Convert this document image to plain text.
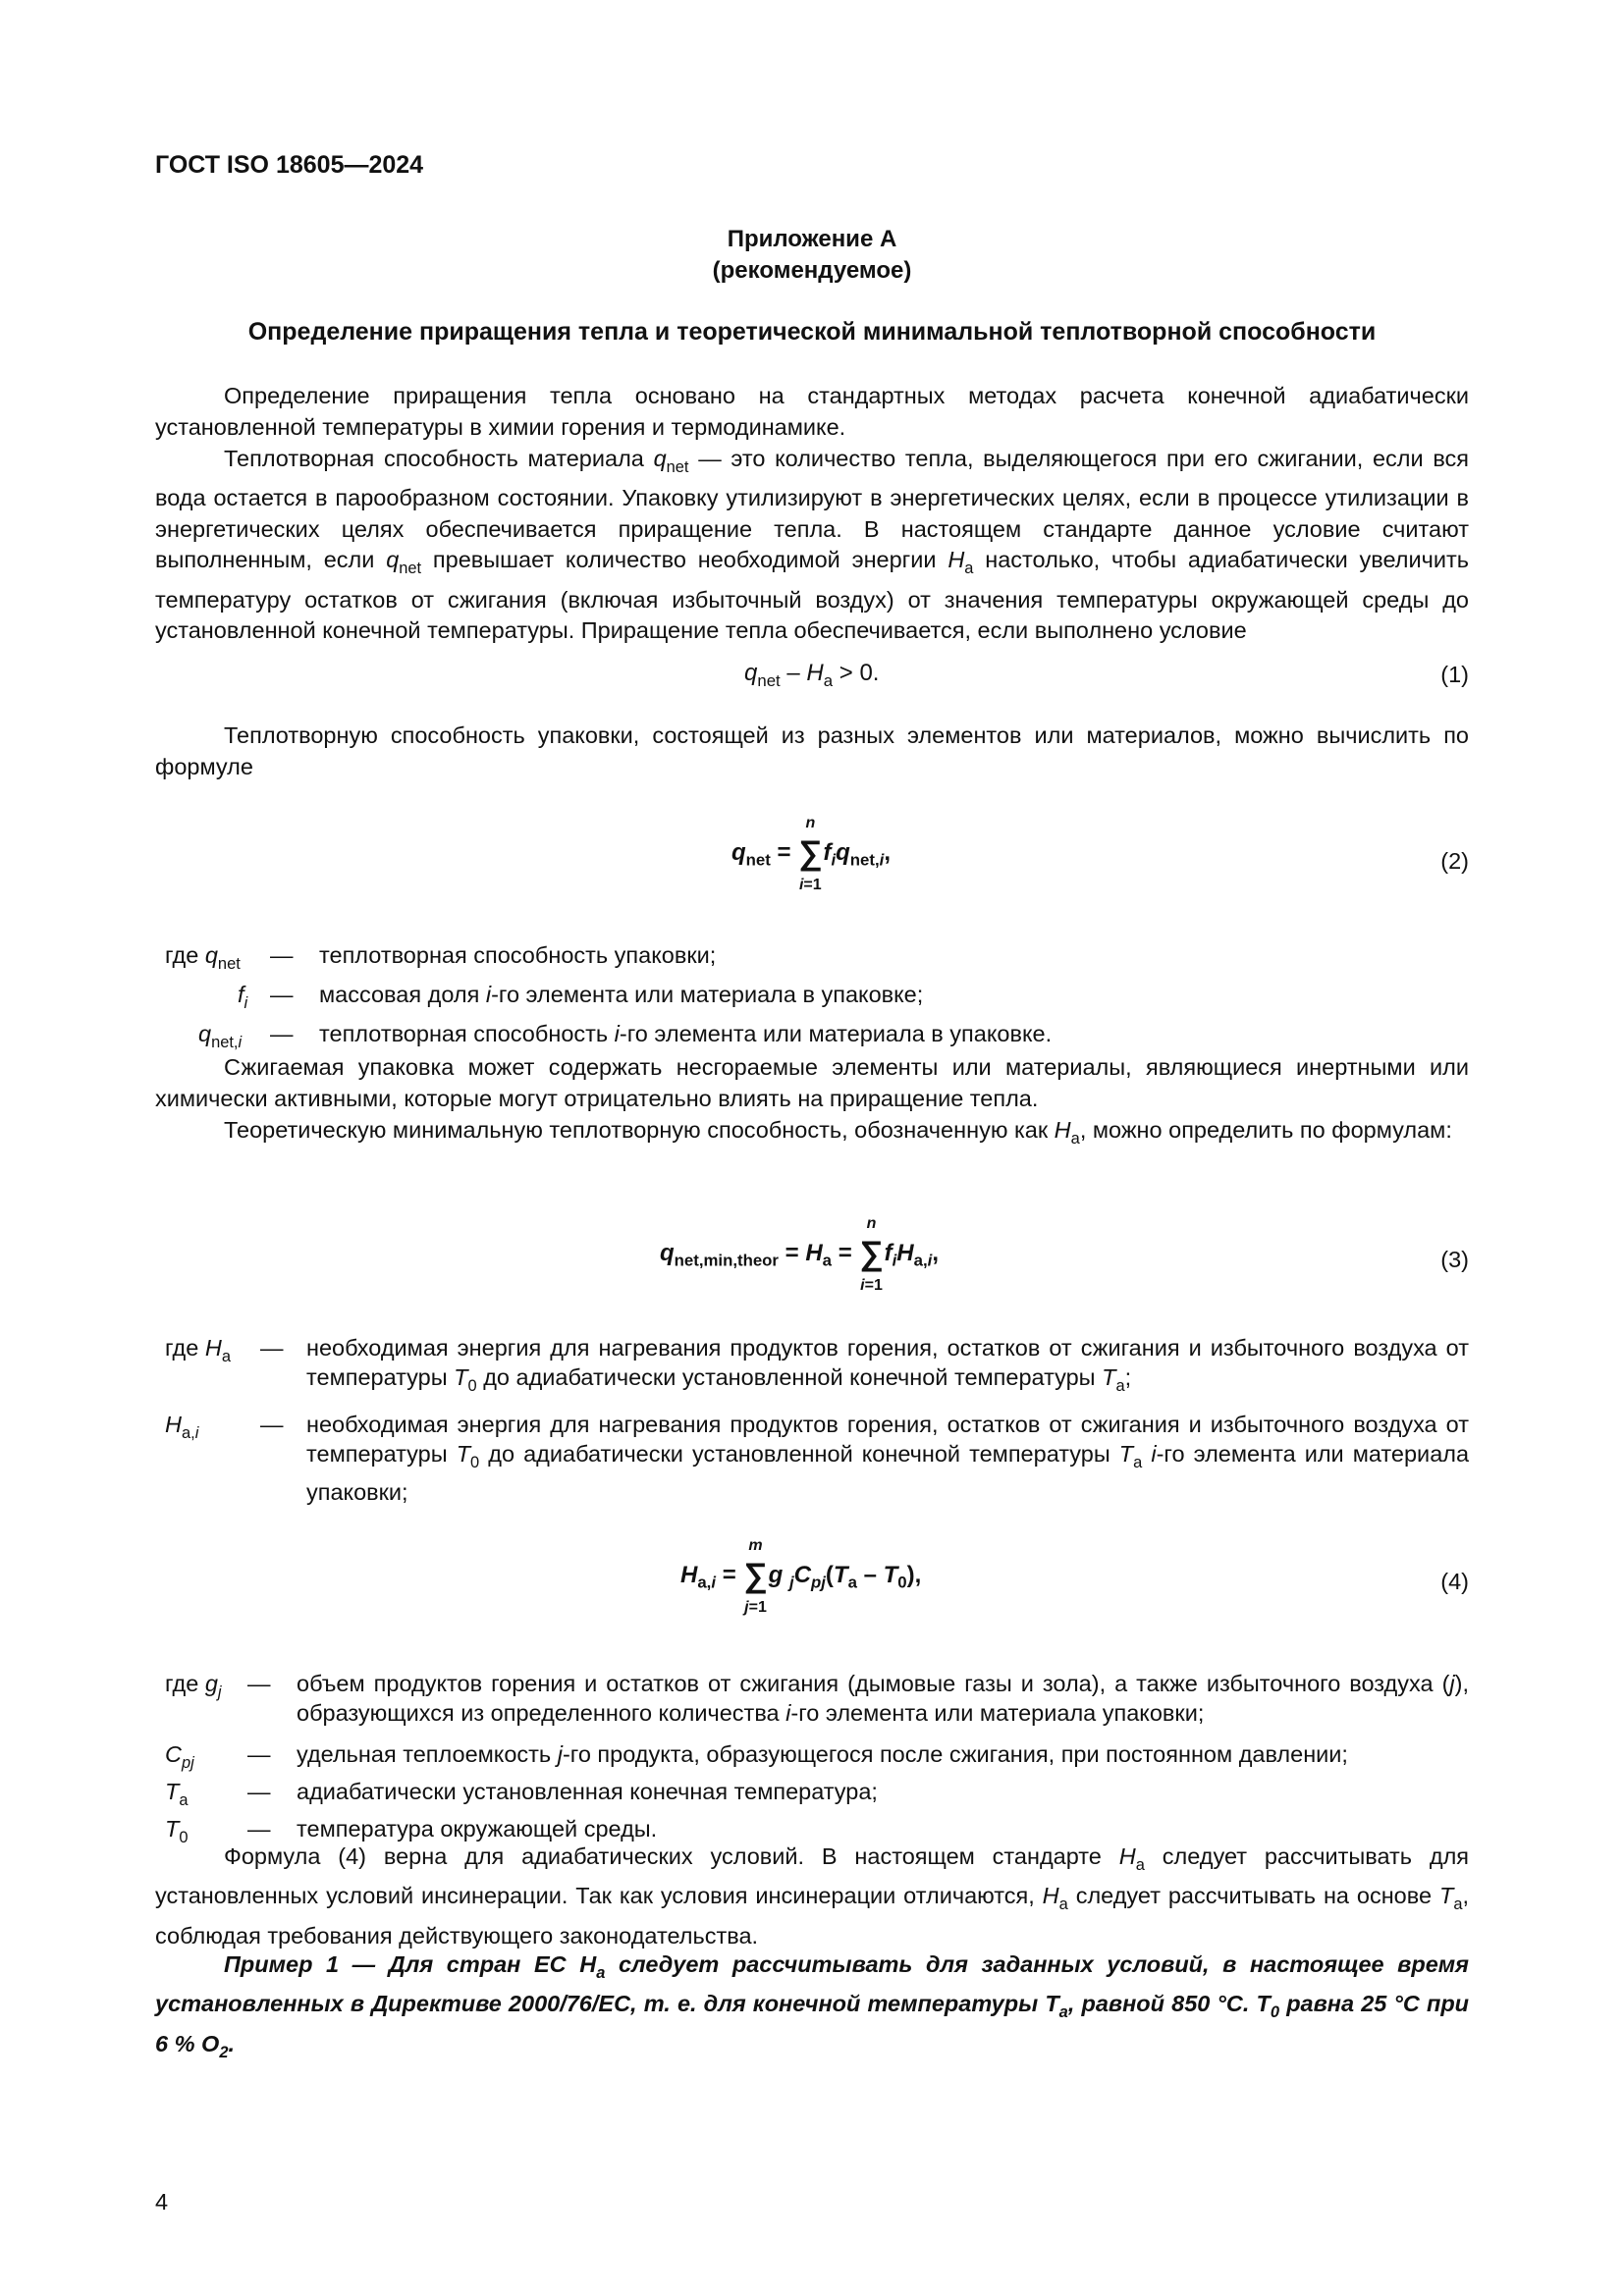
ГОСТ ISO 18605—2024
Приложение А
(рекомендуемое)
Определение приращения тепла и теоретической минимальной теплотворной способности

Определение приращения тепла основано на стандартных методах расчета конечной адиабатически установленной температуры в химии горения и термодинамике.

Теплотворная способность материала $q_{net}$ — это количество тепла, выделяющегося при его сжигании, если вся вода остается в парообразном состоянии. Упаковку утилизируют в энергетических целях, если в процессе утилизации в энергетических целях обеспечивается приращение тепла. В настоящем стандарте данное условие считают выполненным, если $q_{net}$ превышает количество необходимой энергии $H_a$ настолько, чтобы адиабатически увеличить температуру остатков от сжигания (включая избыточный воздух) от значения температуры окружающей среды до установленной конечной температуры. Приращение тепла обеспечивается, если выполнено условие

$q_{net} - H_a > 0$.	(1)

Теплотворную способность упаковки, состоящей из разных элементов или материалов, можно вычислить по формуле

$q_{net}$ =
n
∑
i=1
$f_iq_{net,i}$,	(2)
где $q_{net}$ — теплотворная способность упаковки;
$f_i$ — массовая доля i-го элемента или материала в упаковке;
$q_{net,i}$ — теплотворная способность i-го элемента или материала в упаковке.

Сжигаемая упаковка может содержать несгораемые элементы или материалы, являющиеся инертными или химически активными, которые могут отрицательно влиять на приращение тепла.

Теоретическую минимальную теплотворную способность, обозначенную как $H_a$, можно определить по формулам:

$q_{net,min,theor} = H_a$ =
n
∑
i=1
$f_iH_{a,i}$,	(3)
где $H_a$ — необходимая энергия для нагревания продуктов горения, остатков от сжигания и избыточного воздуха от температуры $T_0$ до адиабатически установленной конечной температуры $T_a$;
$H_{a,i}$	— необходимая энергия для нагревания продуктов горения, остатков от сжигания и избыточного воздуха от температуры $T_0$ до адиабатически установленной конечной температуры $T_a$ i-го элемента или материала упаковки;
$H_{a,i}$ =
m
∑
j=1
g $_jC_{pj}(T_a - T_0)$,	(4)
где $g_j$ — объем продуктов горения и остатков от сжигания (дымовые газы и зола), а также избыточного воздуха (j), образующихся из определенного количества i-го элемента или материала упаковки;
$C_{pj}$ — удельная теплоемкость j-го продукта, образующегося после сжигания, при постоянном давлении;
$T_a$	— адиабатически установленная конечная температура;
$T_0$	— температура окружающей среды.

Формула (4) верна для адиабатических условий. В настоящем стандарте $H_a$ следует рассчитывать для установленных условий инсинерации. Так как условия инсинерации отличаются, $H_a$ следует рассчитывать на основе $T_a$, соблюдая требования действующего законодательства.

Пример 1 — Для стран ЕС $H_a$ следует рассчитывать для заданных условий, в настоящее время установленных в Директиве 2000/76/ЕС, т. е. для конечной температуры $T_a$, равной 850 °С. $T_0$ равна 25 °С при 6 % $O_2$.

4
